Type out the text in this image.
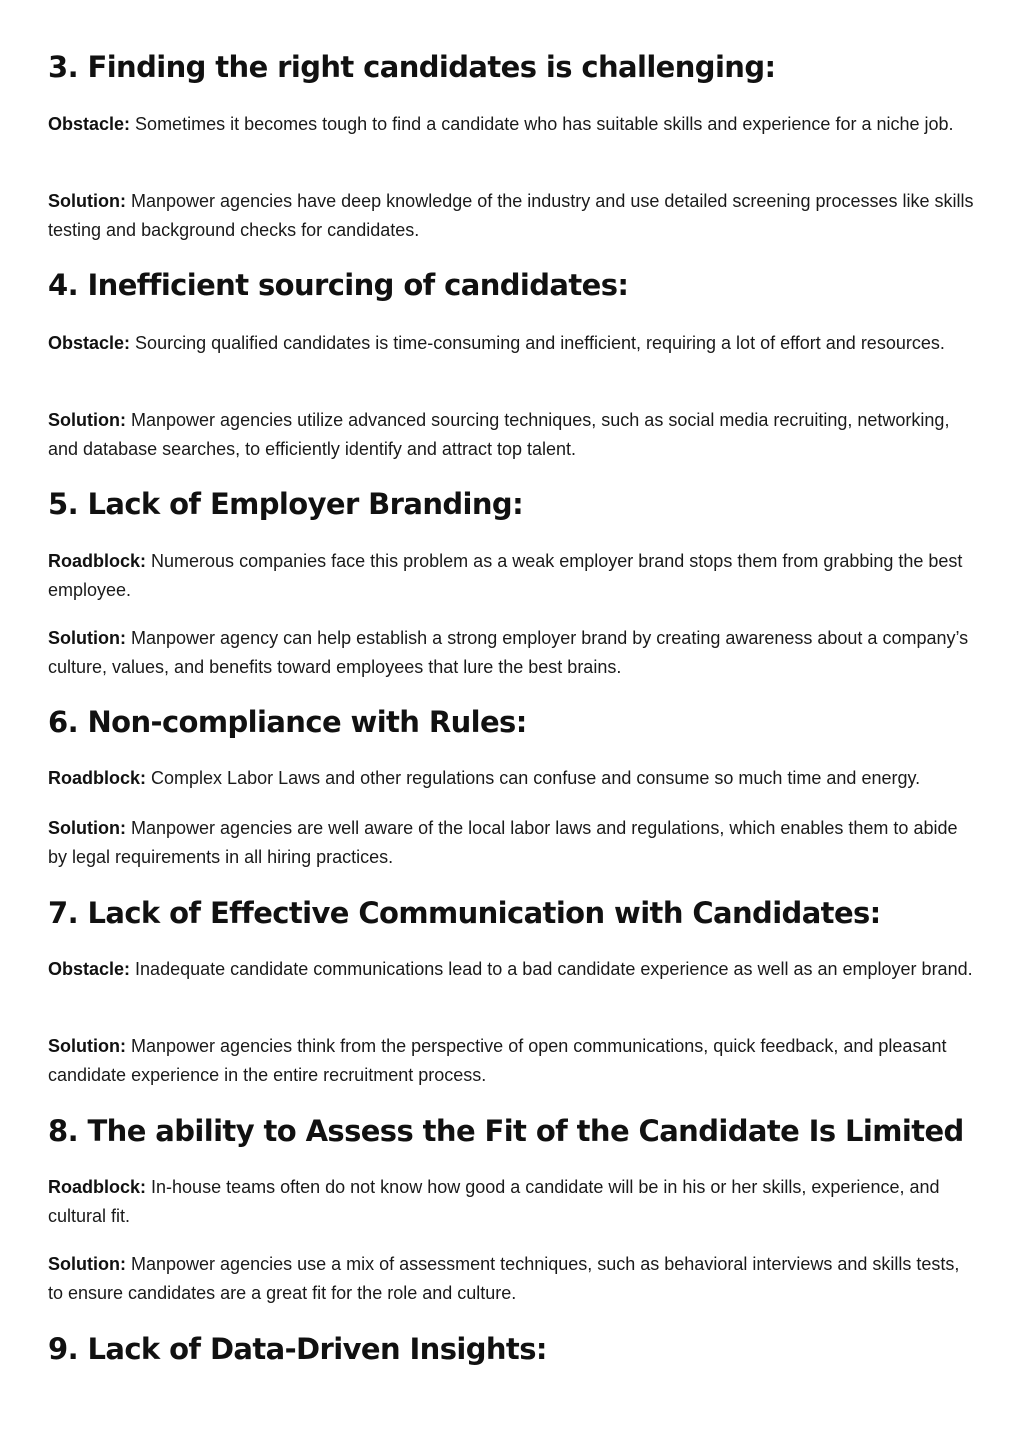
3. Finding the right candidates is challenging:

Obstacle: Sometimes it becomes tough to find a candidate who has suitable skills and experience for a niche job.

Solution: Manpower agencies have deep knowledge of the industry and use detailed screening processes like skills testing and background checks for candidates.

4. Inefficient sourcing of candidates:

Obstacle: Sourcing qualified candidates is time-consuming and inefficient, requiring a lot of effort and resources.

Solution: Manpower agencies utilize advanced sourcing techniques, such as social media recruiting, networking, and database searches, to efficiently identify and attract top talent.

5. Lack of Employer Branding:

Roadblock: Numerous companies face this problem as a weak employer brand stops them from grabbing the best employee.

Solution: Manpower agency can help establish a strong employer brand by creating awareness about a company’s culture, values, and benefits toward employees that lure the best brains.

6. Non-compliance with Rules:

Roadblock: Complex Labor Laws and other regulations can confuse and consume so much time and energy.

Solution: Manpower agencies are well aware of the local labor laws and regulations, which enables them to abide by legal requirements in all hiring practices.

7. Lack of Effective Communication with Candidates:

Obstacle: Inadequate candidate communications lead to a bad candidate experience as well as an employer brand.

Solution: Manpower agencies think from the perspective of open communications, quick feedback, and pleasant candidate experience in the entire recruitment process.

8. The ability to Assess the Fit of the Candidate Is Limited

Roadblock: In-house teams often do not know how good a candidate will be in his or her skills, experience, and cultural fit.

Solution: Manpower agencies use a mix of assessment techniques, such as behavioral interviews and skills tests, to ensure candidates are a great fit for the role and culture.

9. Lack of Data-Driven Insights:
